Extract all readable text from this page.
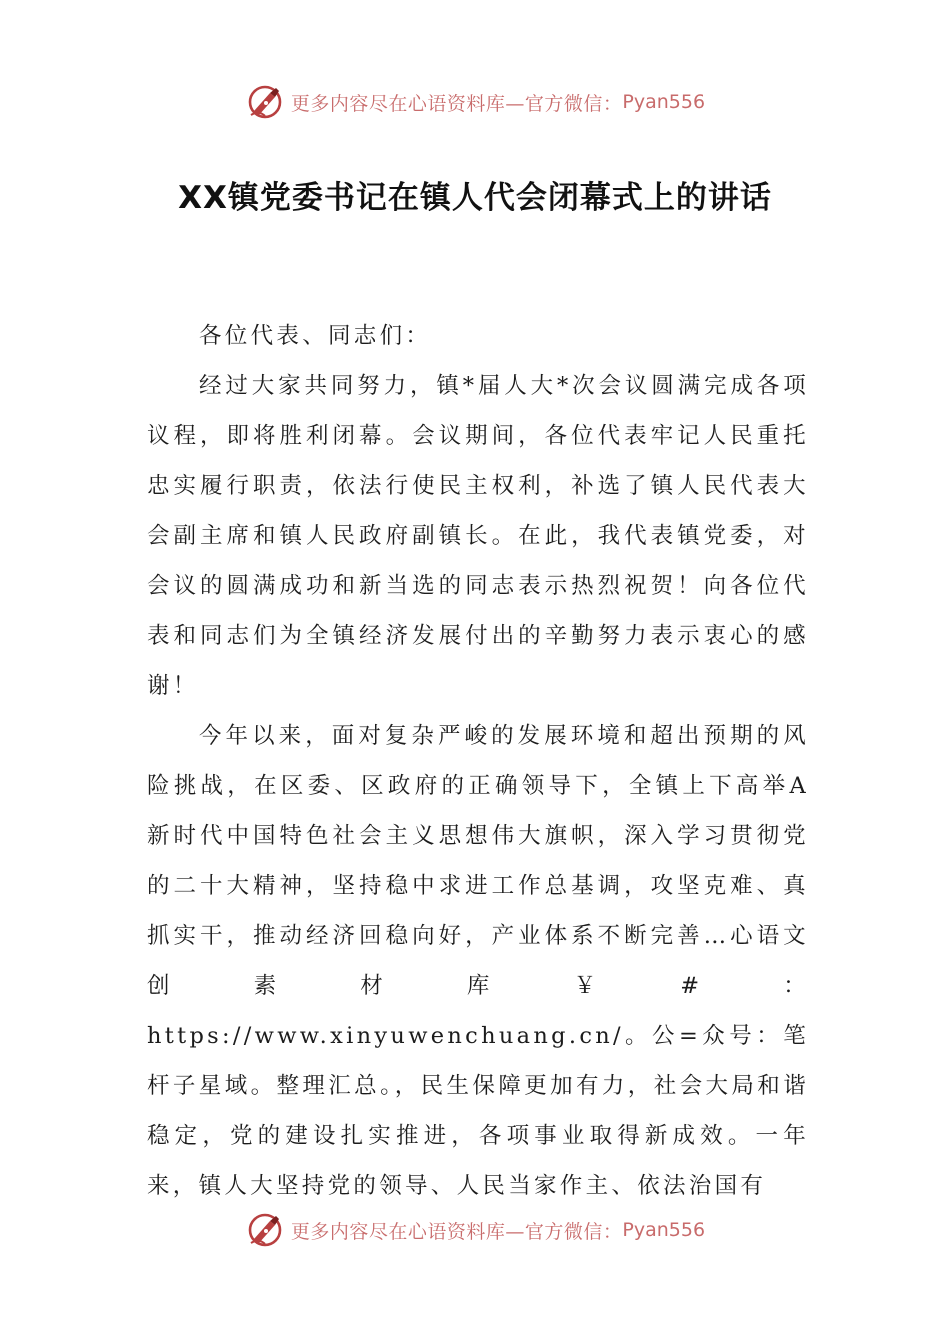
更多内容尽在心语资料库—官方微信： Pyan556
XX镇党委书记在镇人代会闭幕式上的讲话

各位代表、同志们：

经过大家共同努力，镇*届人大*次会议圆满完成各项议程，即将胜利闭幕。会议期间，各位代表牢记人民重托忠实履行职责，依法行使民主权利，补选了镇人民代表大会副主席和镇人民政府副镇长。在此，我代表镇党委，对会议的圆满成功和新当选的同志表示热烈祝贺！向各位代表和同志们为全镇经济发展付出的辛勤努力表示衷心的感谢！

今年以来，面对复杂严峻的发展环境和超出预期的风险挑战，在区委、区政府的正确领导下，全镇上下高举A新时代中国特色社会主义思想伟大旗帜，深入学习贯彻党的二十大精神，坚持稳中求进工作总基调，攻坚克难、真抓实干，推动经济回稳向好，产业体系不断完善…心语文创素材库￥#：https://www.xinyuwenchuang.cn/。公=众号：笔杆子星域。整理汇总。，民生保障更加有力，社会大局和谐稳定，党的建设扎实推进，各项事业取得新成效。一年来，镇人大坚持党的领导、人民当家作主、依法治国有

更多内容尽在心语资料库—官方微信： Pyan556
